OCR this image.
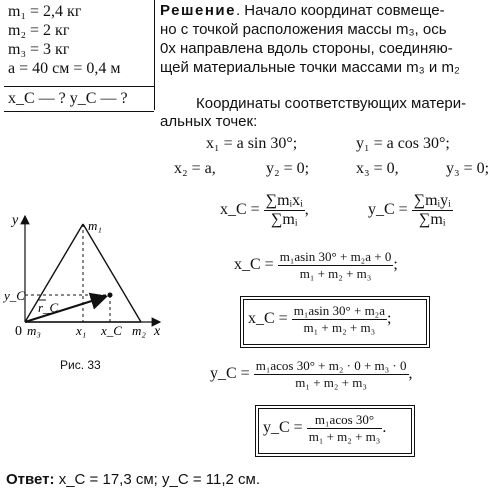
m₁ = 2,4 кг
m₂ = 2 кг
m₃ = 3 кг
a = 40 см = 0,4 м
x_C — ? y_C — ?
Решение. Начало координат совмеще-
но с точкой расположения массы m₃, ось
0x направлена вдоль стороны, соединяю-
щей материальные точки массами m₃ и m₂
Координаты соответствующих матери-
альных точек:
x₁ = a sin 30°;	y₁ = a cos 30°;
x₂ = a,	y₂ = 0;	x₃ = 0,	y₃ = 0;
x_C = $\frac{\text{∑mᵢxᵢ}}{\text{∑mᵢ}}$ ,	y_C = $\frac{\text{∑mᵢyᵢ}}{\text{∑mᵢ}}$
x_C = $\frac{\text{m₁asin 30° + m₂a + 0}}{\text{m₁ + m₂ + m₃}}$ ;
x_C = $\frac{\text{m₁asin 30° + m₂a}}{\text{m₁ + m₂ + m₃}}$ ;
y_C = $\frac{\text{m₁acos 30° + m₂ · 0 + m₃ · 0}}{\text{m₁ + m₂ + m₃}}$ ,
y_C = $\frac{\text{m₁acos 30°}}{\text{m₁ + m₂ + m₃}}$ .
y
x
0 m₃
m₁
m₂
x₁ x_C
y_C
r_C
Рис. 33
Ответ: x_C = 17,3 см; y_C = 11,2 см.
